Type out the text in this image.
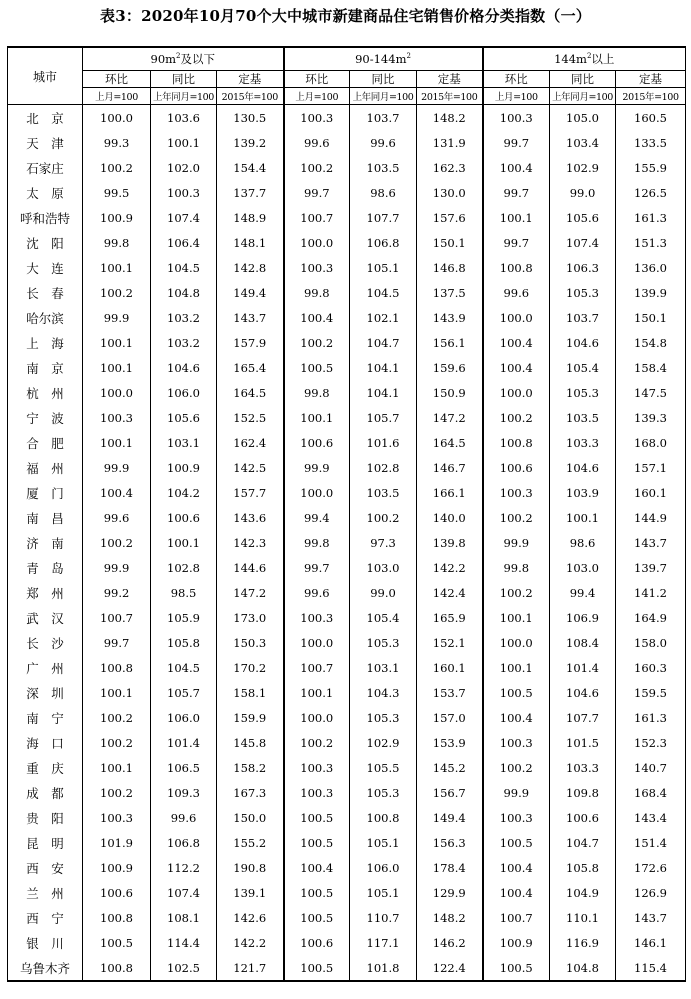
表3：2020年10月70个大中城市新建商品住宅销售价格分类指数（一）
城市	$90m^2$及以下			$90-144m^2$			$144m^2$以上		
	环比	同比	定基	环比	同比	定基	环比	同比	定基
	上月=100	上年同月=100	2015年=100	上月=100	上年同月=100	2015年=100	上月=100	上年同月=100	2015年=100
北　京	100.0	103.6	130.5	100.3	103.7	148.2	100.3	105.0	160.5
天　津	99.3	100.1	139.2	99.6	99.6	131.9	99.7	103.4	133.5
石家庄	100.2	102.0	154.4	100.2	103.5	162.3	100.4	102.9	155.9
太　原	99.5	100.3	137.7	99.7	98.6	130.0	99.7	99.0	126.5
呼和浩特	100.9	107.4	148.9	100.7	107.7	157.6	100.1	105.6	161.3
沈　阳	99.8	106.4	148.1	100.0	106.8	150.1	99.7	107.4	151.3
大　连	100.1	104.5	142.8	100.3	105.1	146.8	100.8	106.3	136.0
长　春	100.2	104.8	149.4	99.8	104.5	137.5	99.6	105.3	139.9
哈尔滨	99.9	103.2	143.7	100.4	102.1	143.9	100.0	103.7	150.1
上　海	100.1	103.2	157.9	100.2	104.7	156.1	100.4	104.6	154.8
南　京	100.1	104.6	165.4	100.5	104.1	159.6	100.4	105.4	158.4
杭　州	100.0	106.0	164.5	99.8	104.1	150.9	100.0	105.3	147.5
宁　波	100.3	105.6	152.5	100.1	105.7	147.2	100.2	103.5	139.3
合　肥	100.1	103.1	162.4	100.6	101.6	164.5	100.8	103.3	168.0
福　州	99.9	100.9	142.5	99.9	102.8	146.7	100.6	104.6	157.1
厦　门	100.4	104.2	157.7	100.0	103.5	166.1	100.3	103.9	160.1
南　昌	99.6	100.6	143.6	99.4	100.2	140.0	100.2	100.1	144.9
济　南	100.2	100.1	142.3	99.8	97.3	139.8	99.9	98.6	143.7
青　岛	99.9	102.8	144.6	99.7	103.0	142.2	99.8	103.0	139.7
郑　州	99.2	98.5	147.2	99.6	99.0	142.4	100.2	99.4	141.2
武　汉	100.7	105.9	173.0	100.3	105.4	165.9	100.1	106.9	164.9
长　沙	99.7	105.8	150.3	100.0	105.3	152.1	100.0	108.4	158.0
广　州	100.8	104.5	170.2	100.7	103.1	160.1	100.1	101.4	160.3
深　圳	100.1	105.7	158.1	100.1	104.3	153.7	100.5	104.6	159.5
南　宁	100.2	106.0	159.9	100.0	105.3	157.0	100.4	107.7	161.3
海　口	100.2	101.4	145.8	100.2	102.9	153.9	100.3	101.5	152.3
重　庆	100.1	106.5	158.2	100.3	105.5	145.2	100.2	103.3	140.7
成　都	100.2	109.3	167.3	100.3	105.3	156.7	99.9	109.8	168.4
贵　阳	100.3	99.6	150.0	100.5	100.8	149.4	100.3	100.6	143.4
昆　明	101.9	106.8	155.2	100.5	105.1	156.3	100.5	104.7	151.4
西　安	100.9	112.2	190.8	100.4	106.0	178.4	100.4	105.8	172.6
兰　州	100.6	107.4	139.1	100.5	105.1	129.9	100.4	104.9	126.9
西　宁	100.8	108.1	142.6	100.5	110.7	148.2	100.7	110.1	143.7
银　川	100.5	114.4	142.2	100.6	117.1	146.2	100.9	116.9	146.1
乌鲁木齐	100.8	102.5	121.7	100.5	101.8	122.4	100.5	104.8	115.4
